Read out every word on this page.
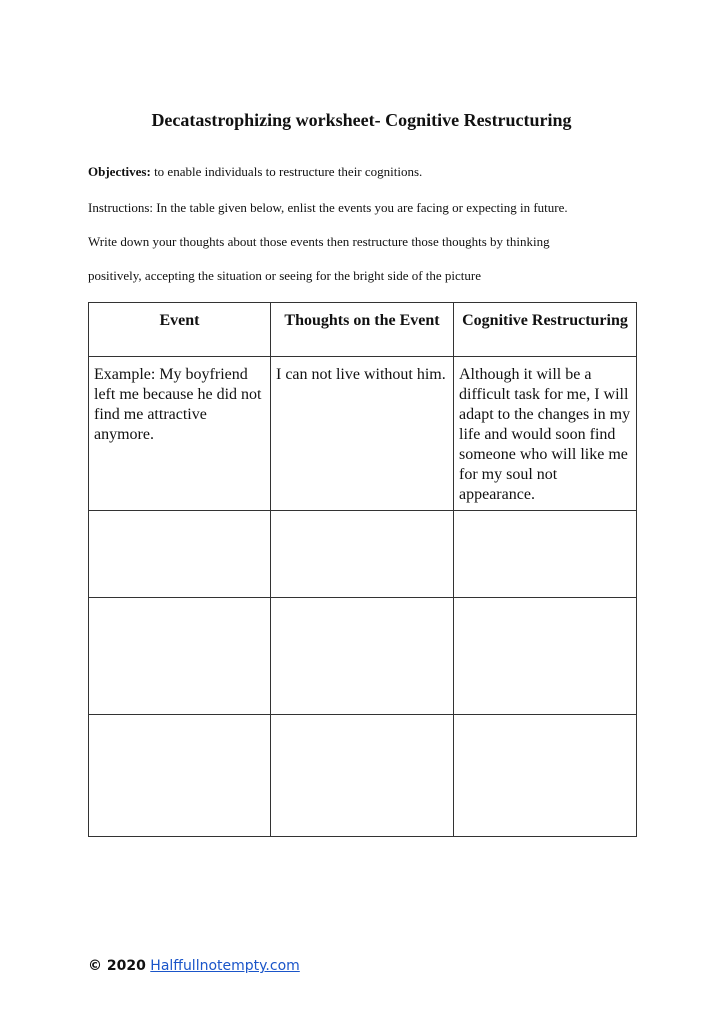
Decatastrophizing worksheet- Cognitive Restructuring

Objectives: to enable individuals to restructure their cognitions.

Instructions: In the table given below, enlist the events you are facing or expecting in future.

Write down your thoughts about those events then restructure those thoughts by thinking

positively, accepting the situation or seeing for the bright side of the picture

Event	Thoughts on the Event	Cognitive Restructuring
Example: My boyfriend left me because he did not find me attractive anymore.	I can not live without him.	Although it will be a difficult task for me, I will adapt to the changes in my life and would soon find someone who will like me for my soul not appearance.

© 2020 Halffullnotempty.com
